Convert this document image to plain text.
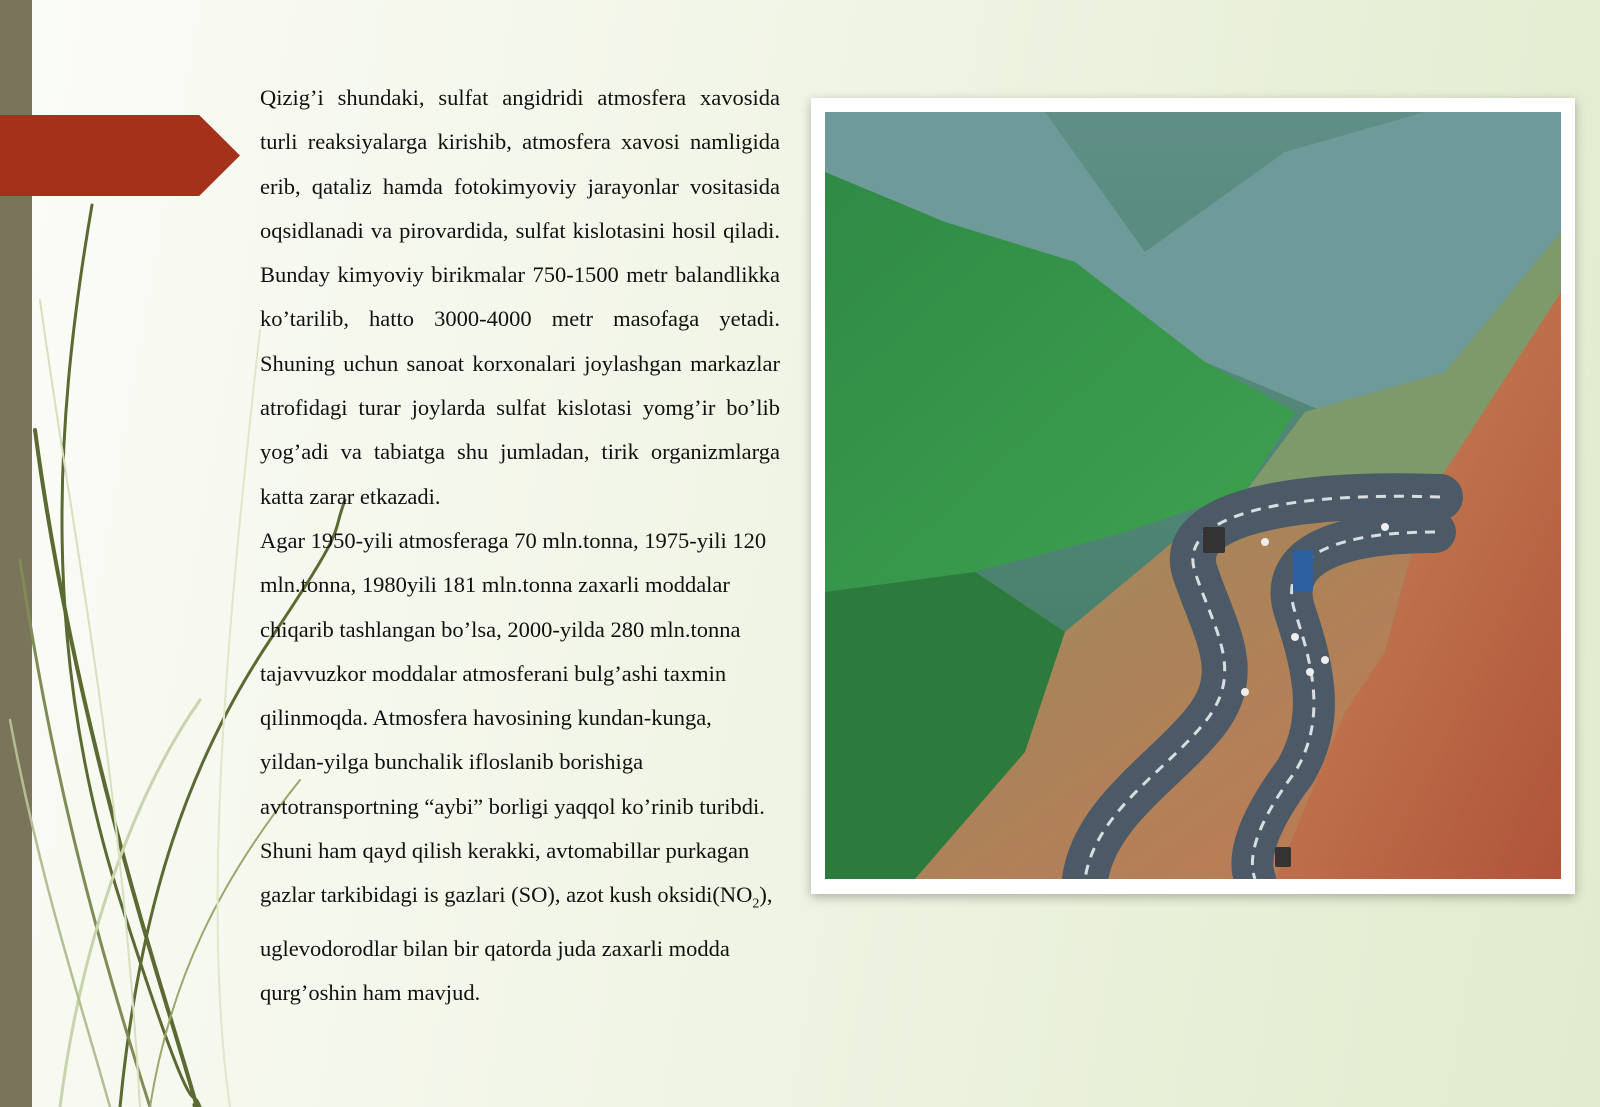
Qizig’i shundaki, sulfat angidridi atmosfera xavosida turli reaksiyalarga kirishib, atmosfera xavosi namligida erib, qataliz hamda fotokimyoviy jarayonlar vositasida oqsidlanadi va pirovardida, sulfat kislotasini hosil qiladi. Bunday kimyoviy birikmalar 750-1500 metr balandlikka ko’tarilib, hatto 3000-4000 metr masofaga yetadi. Shuning uchun sanoat korxonalari joylashgan markazlar atrofidagi turar joylarda sulfat kislotasi yomg’ir bo’lib yog’adi va tabiatga shu jumladan, tirik organizmlarga katta zarar etkazadi.

Agar 1950-yili atmosferaga 70 mln.tonna, 1975-yili 120 mln.tonna, 1980yili 181 mln.tonna zaxarli moddalar chiqarib tashlangan bo’lsa, 2000-yilda 280 mln.tonna tajavvuzkor moddalar atmosferani bulg’ashi taxmin qilinmoqda. Atmosfera havosining kundan-kunga, yildan-yilga bunchalik ifloslanib borishiga avtotransportning “aybi” borligi yaqqol ko’rinib turibdi. Shuni ham qayd qilish kerakki, avtomabillar purkagan gazlar tarkibidagi is gazlari (SO), azot kush $oksidi(NO_2)$, uglevodorodlar bilan bir qatorda juda zaxarli modda qurg’oshin ham mavjud.
